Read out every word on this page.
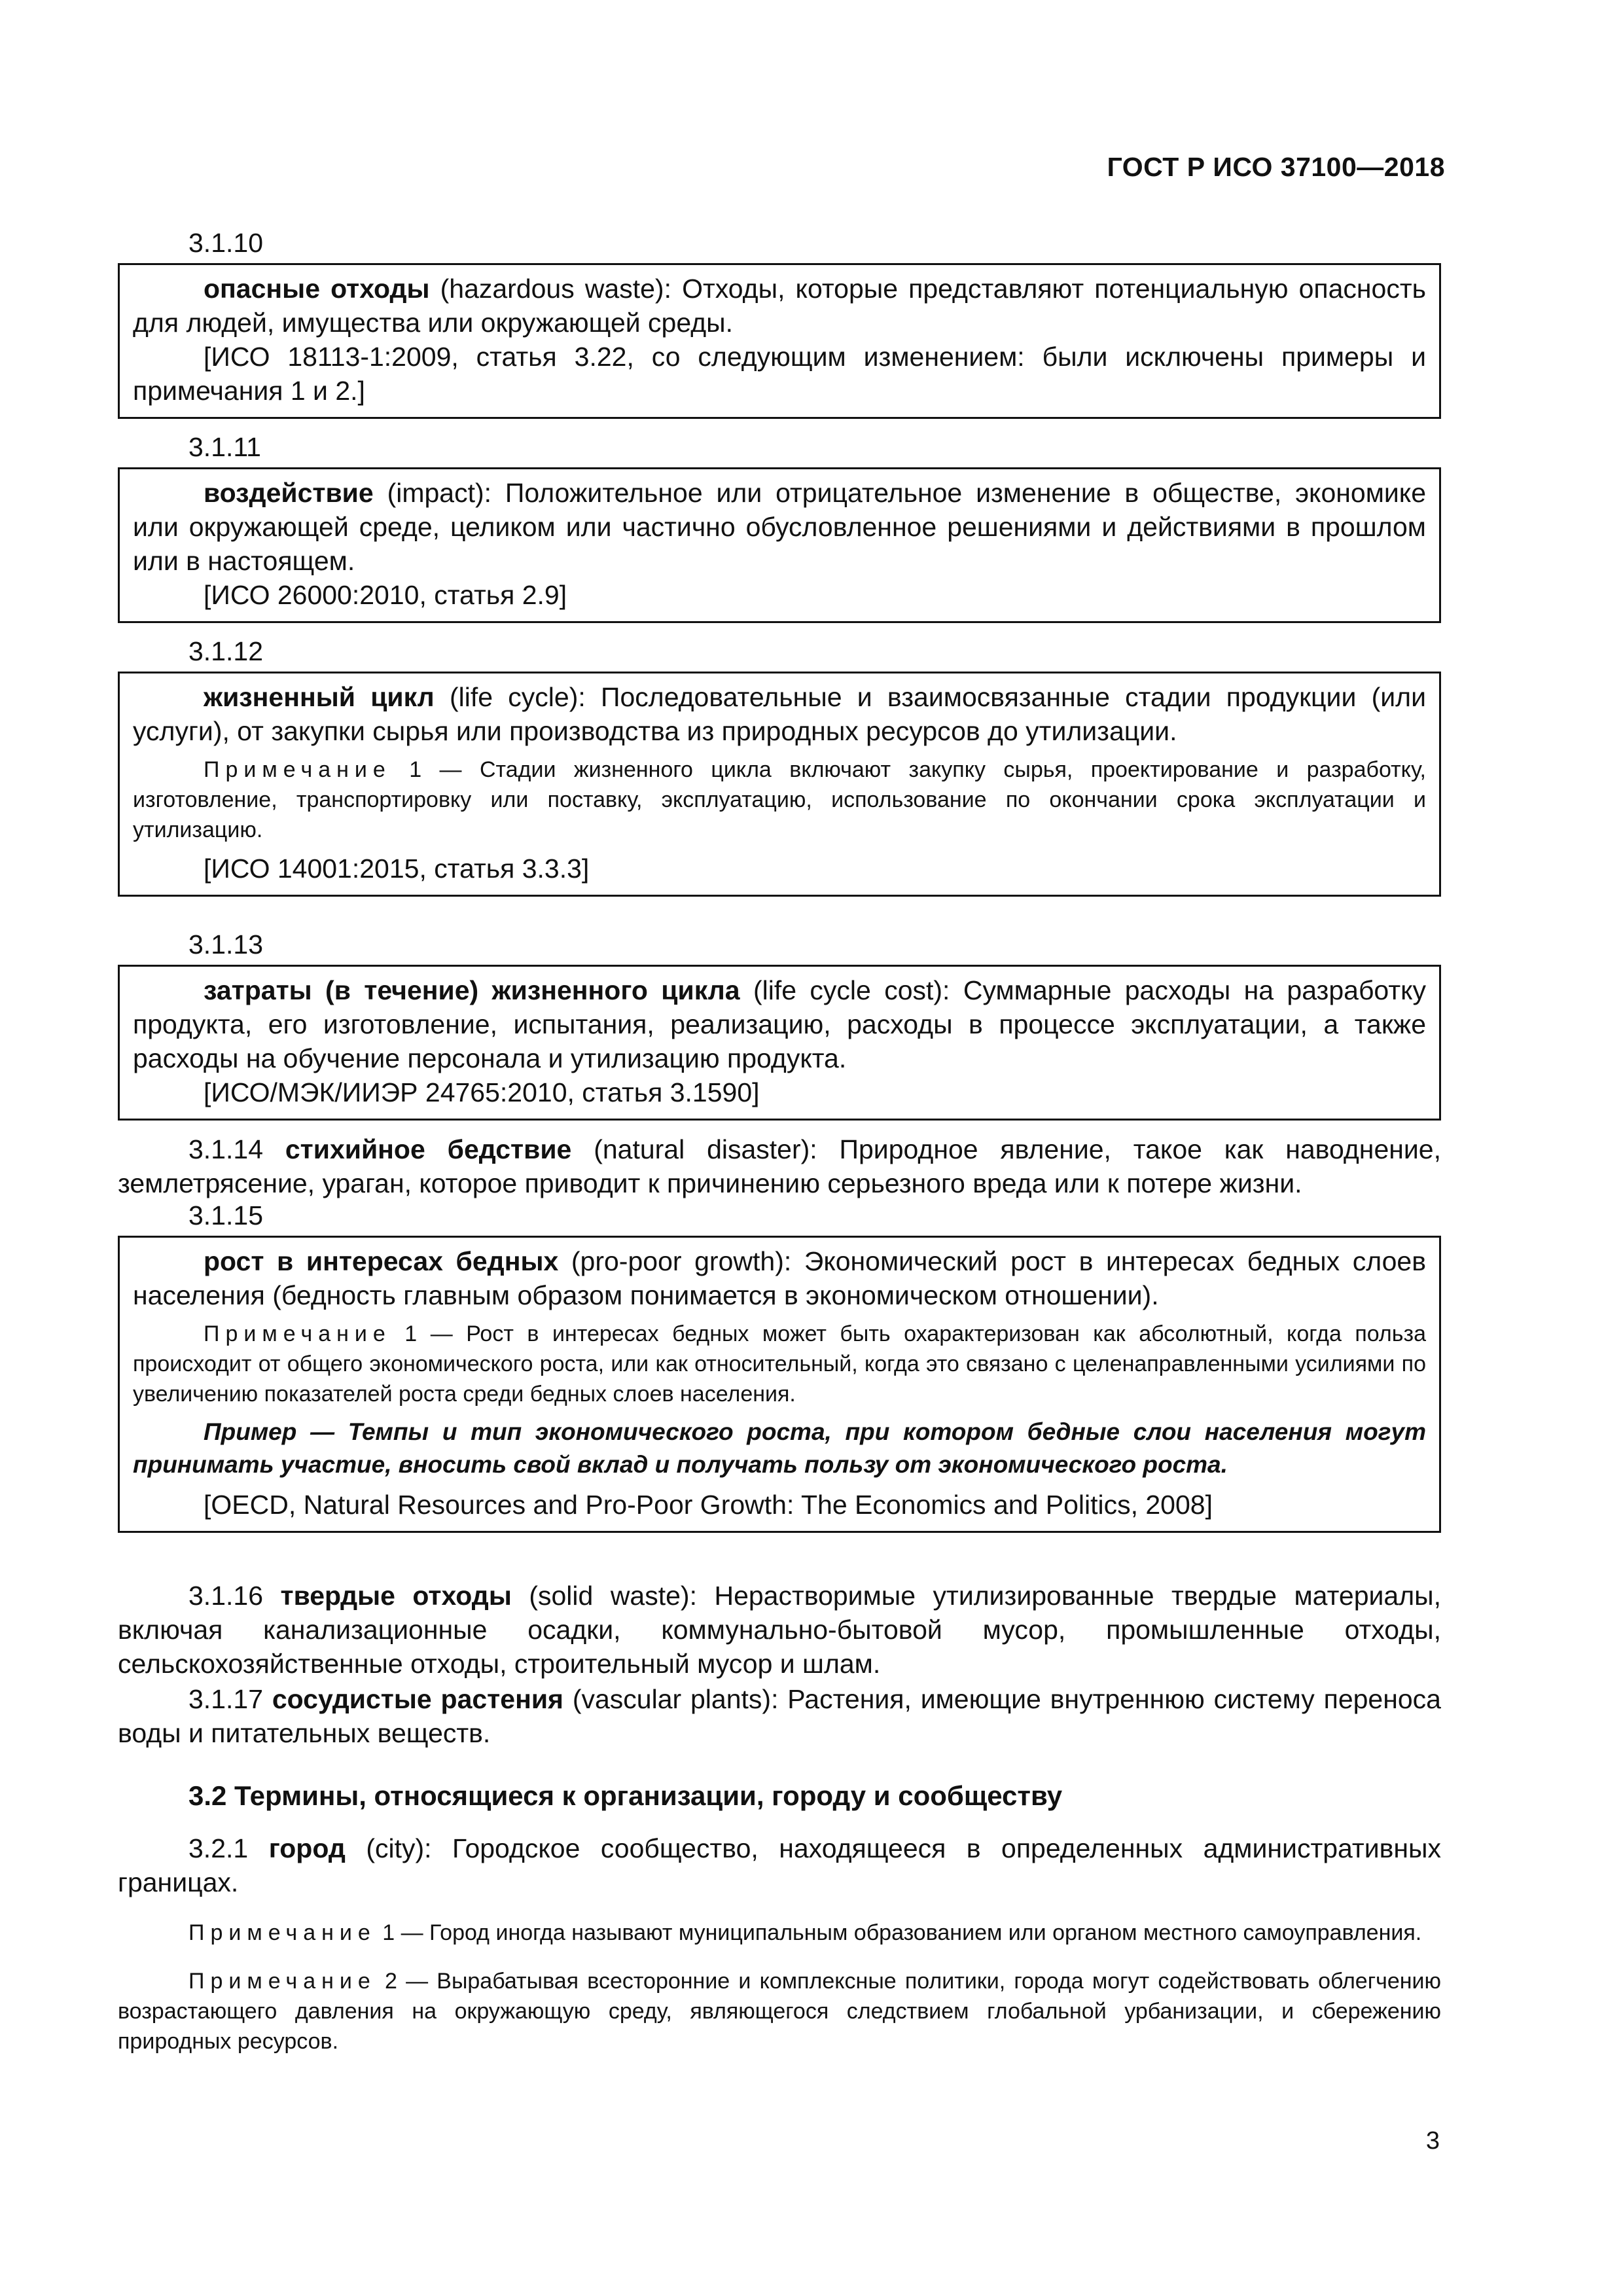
ГОСТ Р ИСО 37100—2018
3.1.10

опасные отходы (hazardous waste): Отходы, которые представляют потенциальную опасность для людей, имущества или окружающей среды.

[ИСО 18113-1:2009, статья 3.22, со следующим изменением: были исключены примеры и примечания 1 и 2.]

3.1.11

воздействие (impact): Положительное или отрицательное изменение в обществе, экономике или окружающей среде, целиком или частично обусловленное решениями и действиями в прошлом или в настоящем.

[ИСО 26000:2010, статья 2.9]

3.1.12

жизненный цикл (life cycle): Последовательные и взаимосвязанные стадии продукции (или услуги), от закупки сырья или производства из природных ресурсов до утилизации.

Примечание 1 — Стадии жизненного цикла включают закупку сырья, проектирование и разработку, изготовление, транспортировку или поставку, эксплуатацию, использование по окончании срока эксплуатации и утилизацию.

[ИСО 14001:2015, статья 3.3.3]

3.1.13

затраты (в течение) жизненного цикла (life cycle cost): Суммарные расходы на разработку продукта, его изготовление, испытания, реализацию, расходы в процессе эксплуатации, а также расходы на обучение персонала и утилизацию продукта.

[ИСО/МЭК/ИИЭР 24765:2010, статья 3.1590]

3.1.14 стихийное бедствие (natural disaster): Природное явление, такое как наводнение, землетрясение, ураган, которое приводит к причинению серьезного вреда или к потере жизни.

3.1.15

рост в интересах бедных (pro-poor growth): Экономический рост в интересах бедных слоев населения (бедность главным образом понимается в экономическом отношении).

Примечание 1 — Рост в интересах бедных может быть охарактеризован как абсолютный, когда польза происходит от общего экономического роста, или как относительный, когда это связано с целенаправленными усилиями по увеличению показателей роста среди бедных слоев населения.

Пример — Темпы и тип экономического роста, при котором бедные слои населения могут принимать участие, вносить свой вклад и получать пользу от экономического роста.

[OECD, Natural Resources and Pro-Poor Growth: The Economics and Politics, 2008]

3.1.16 твердые отходы (solid waste): Нерастворимые утилизированные твердые материалы, включая канализационные осадки, коммунально-бытовой мусор, промышленные отходы, сельскохозяйственные отходы, строительный мусор и шлам.

3.1.17 сосудистые растения (vascular plants): Растения, имеющие внутреннюю систему переноса воды и питательных веществ.

3.2 Термины, относящиеся к организации, городу и сообществу

3.2.1 город (city): Городское сообщество, находящееся в определенных административных границах.

Примечание 1 — Город иногда называют муниципальным образованием или органом местного самоуправления.

Примечание 2 — Вырабатывая всесторонние и комплексные политики, города могут содействовать облегчению возрастающего давления на окружающую среду, являющегося следствием глобальной урбанизации, и сбережению природных ресурсов.

3
